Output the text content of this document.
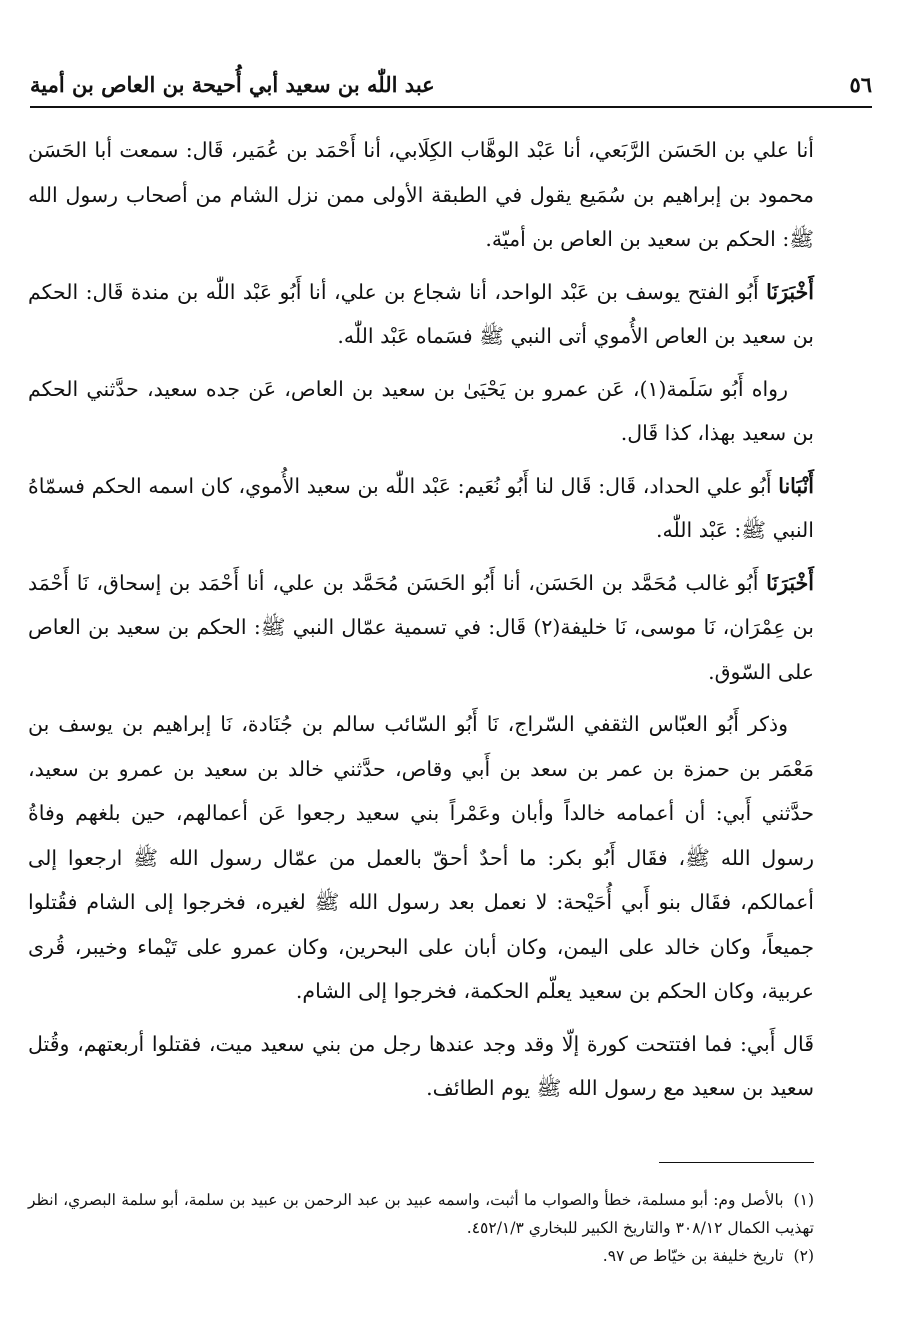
٥٦
عبد اللّٰه بن سعيد أبي أُحيحة بن العاص بن أمية

أنا علي بن الحَسَن الرَّبَعي، أنا عَبْد الوهَّاب الكِلَابي، أنا أَحْمَد بن عُمَير، قَال: سمعت أبا الحَسَن محمود بن إبراهيم بن سُمَيع يقول في الطبقة الأولى ممن نزل الشام من أصحاب رسول الله ﷺ: الحكم بن سعيد بن العاص بن أميّة.

أَخْبَرَنَا أَبُو الفتح يوسف بن عَبْد الواحد، أنا شجاع بن علي، أنا أَبُو عَبْد اللّٰه بن مندة قَال: الحكم بن سعيد بن العاص الأُموي أتى النبي ﷺ فسَماه عَبْد اللّٰه.

رواه أَبُو سَلَمة(١)، عَن عمرو بن يَحْيَىٰ بن سعيد بن العاص، عَن جده سعيد، حدَّثني الحكم بن سعيد بهذا، كذا قَال.

أَنْبَانا أَبُو علي الحداد، قَال: قَال لنا أَبُو نُعَيم: عَبْد اللّٰه بن سعيد الأُموي، كان اسمه الحكم فسمّاهُ النبي ﷺ: عَبْد اللّٰه.

أَخْبَرَنَا أَبُو غالب مُحَمَّد بن الحَسَن، أنا أَبُو الحَسَن مُحَمَّد بن علي، أنا أَحْمَد بن إسحاق، نَا أَحْمَد بن عِمْرَان، نَا موسى، نَا خليفة(٢) قَال: في تسمية عمّال النبي ﷺ: الحكم بن سعيد بن العاص على السّوق.

وذكر أَبُو العبّاس الثقفي السّراج، نَا أَبُو السّائب سالم بن جُنَادة، نَا إبراهيم بن يوسف بن مَعْمَر بن حمزة بن عمر بن سعد بن أَبي وقاص، حدَّثني خالد بن سعيد بن عمرو بن سعيد، حدَّثني أَبي: أن أعمامه خالداً وأبان وعَمْراً بني سعيد رجعوا عَن أعمالهم، حين بلغهم وفاةُ رسول الله ﷺ، فقَال أَبُو بكر: ما أحدٌ أحقّ بالعمل من عمّال رسول الله ﷺ ارجعوا إلى أعمالكم، فقَال بنو أَبي أُحَيْحة: لا نعمل بعد رسول الله ﷺ لغيره، فخرجوا إلى الشام فقُتلوا جميعاً، وكان خالد على اليمن، وكان أبان على البحرين، وكان عمرو على تَيْماء وخيبر، قُرى عربية، وكان الحكم بن سعيد يعلّم الحكمة، فخرجوا إلى الشام.

قَال أَبي: فما افتتحت كورة إلّا وقد وجد عندها رجل من بني سعيد ميت، فقتلوا أربعتهم، وقُتل سعيد بن سعيد مع رسول الله ﷺ يوم الطائف.

(١)بالأصل وم: أبو مسلمة، خطأ والصواب ما أثبت، واسمه عبيد بن عبد الرحمن بن عبيد بن سلمة، أبو سلمة البصري، انظر تهذيب الكمال ٣٠٨/١٢ والتاريخ الكبير للبخاري ٤٥٢/١/٣.

(٢)تاريخ خليفة بن خيّاط ص ٩٧.
